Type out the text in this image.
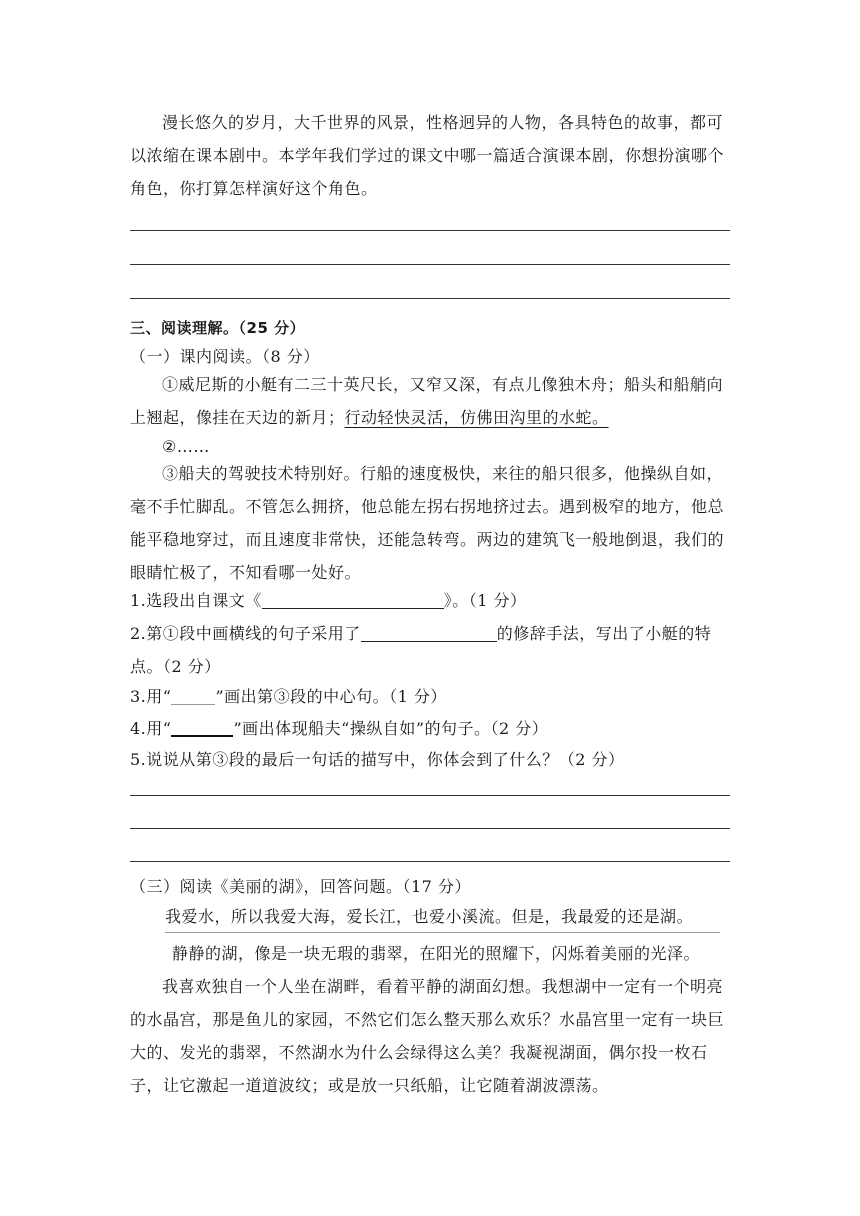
漫长悠久的岁月，大千世界的风景，性格迥异的人物，各具特色的故事，都可以浓缩在课本剧中。本学年我们学过的课文中哪一篇适合演课本剧，你想扮演哪个角色，你打算怎样演好这个角色。
三、阅读理解。（25 分）
（一）课内阅读。（8 分）
①威尼斯的小艇有二三十英尺长，又窄又深，有点儿像独木舟；船头和船艄向上翘起，像挂在天边的新月；行动轻快灵活，仿佛田沟里的水蛇。
②……
③船夫的驾驶技术特别好。行船的速度极快，来往的船只很多，他操纵自如，毫不手忙脚乱。不管怎么拥挤，他总能左拐右拐地挤过去。遇到极窄的地方，他总能平稳地穿过，而且速度非常快，还能急转弯。两边的建筑飞一般地倒退，我们的眼睛忙极了，不知看哪一处好。
1.选段出自课文《	》。（1 分）
2.第①段中画横线的句子采用了	的修辞手法，写出了小艇的特点。（2 分）
3.用“	”画出第③段的中心句。（1 分）
4.用“	”画出体现船夫“操纵自如”的句子。（2 分）
5.说说从第③段的最后一句话的描写中，你体会到了什么？（2 分）
（三）阅读《美丽的湖》，回答问题。（17 分）
我爱水，所以我爱大海，爱长江，也爱小溪流。但是，我最爱的还是湖。
静静的湖，像是一块无瑕的翡翠，在阳光的照耀下，闪烁着美丽的光泽。
我喜欢独自一个人坐在湖畔，看着平静的湖面幻想。我想湖中一定有一个明亮的水晶宫，那是鱼儿的家园，不然它们怎么整天那么欢乐？水晶宫里一定有一块巨大的、发光的翡翠，不然湖水为什么会绿得这么美？我凝视湖面，偶尔投一枚石子，让它激起一道道波纹；或是放一只纸船，让它随着湖波漂荡。
